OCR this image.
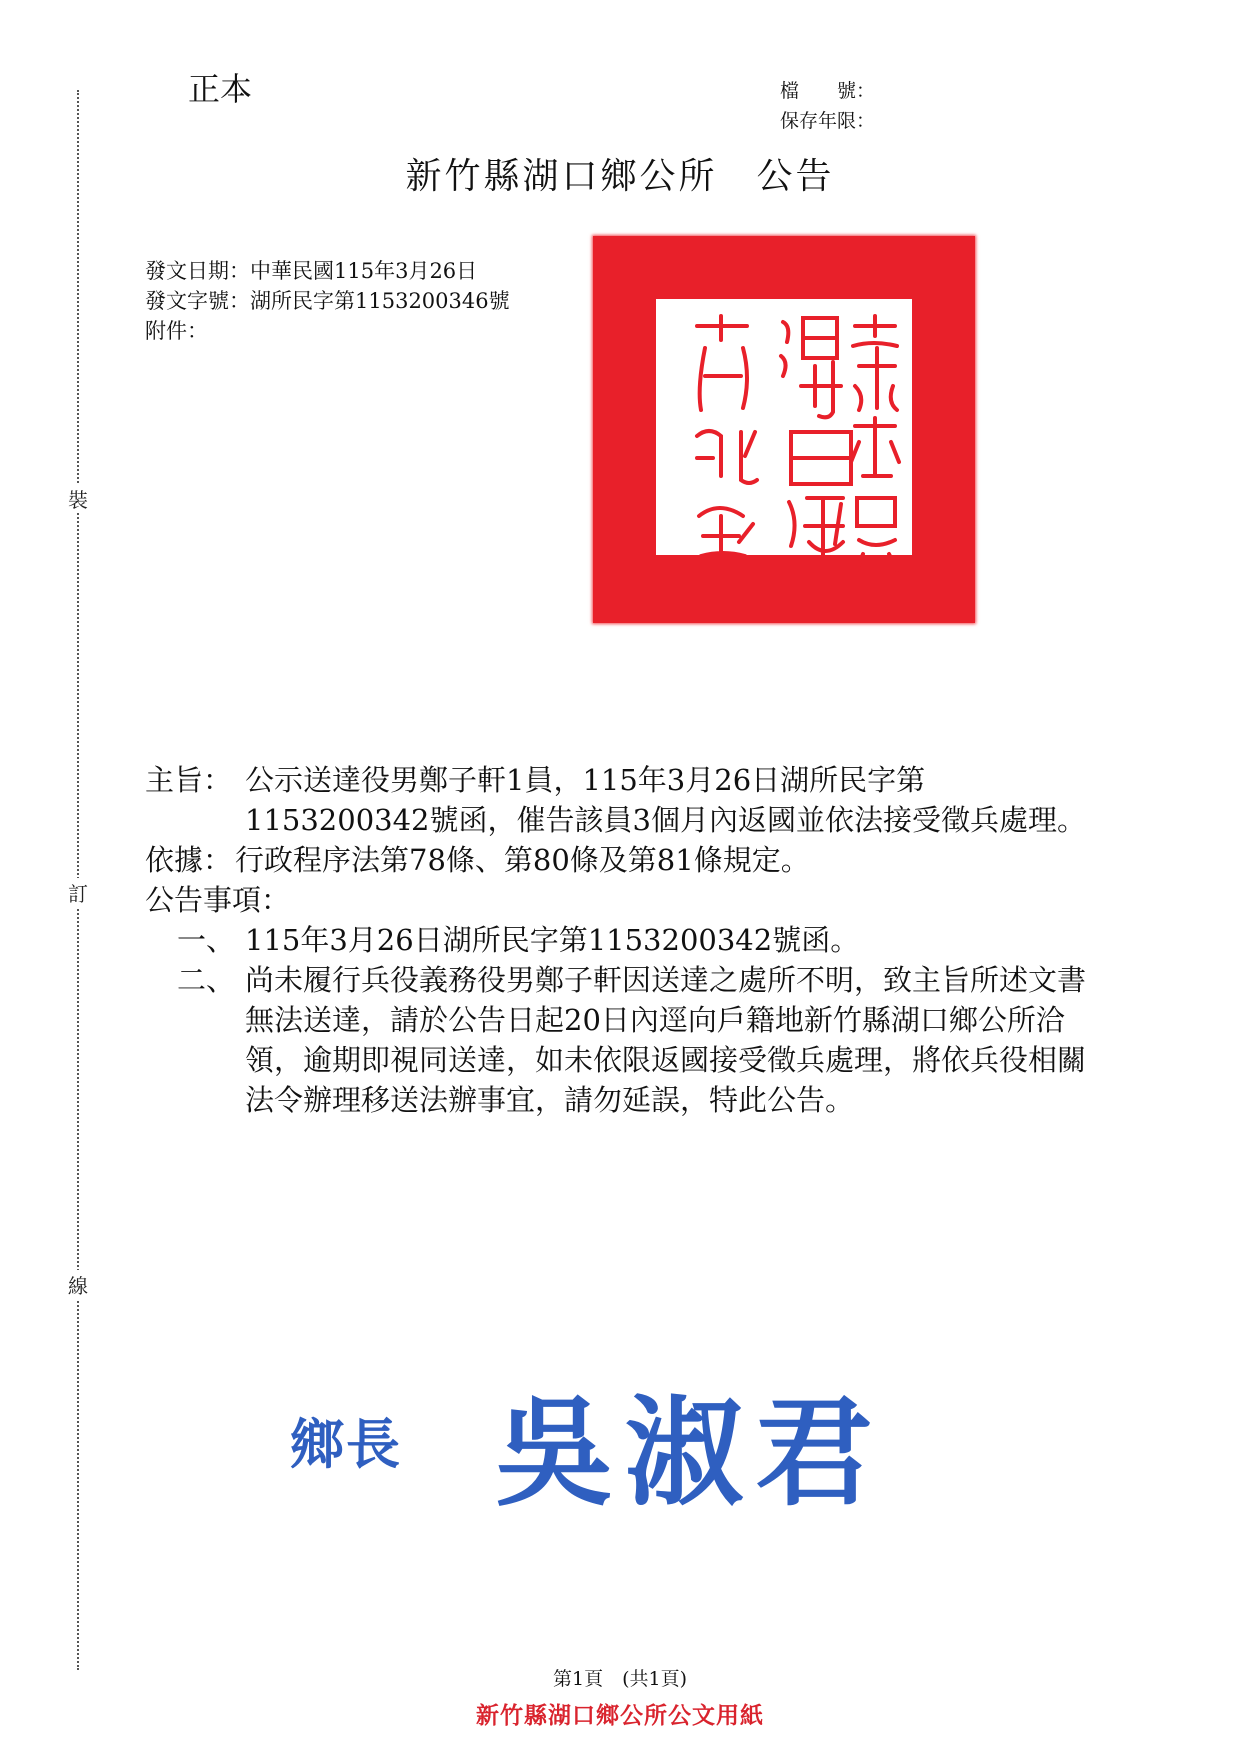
裝
訂
線
正本	檔　　號：
保存年限：
新竹縣湖口鄉公所　公告
發文日期：中華民國115年3月26日
發文字號：湖所民字第1153200346號
附件：
主旨： 公示送達役男鄭子軒1員，115年3月26日湖所民字第1153200342號函，催告該員3個月內返國並依法接受徵兵處理。
依據： 行政程序法第78條、第80條及第81條規定。
公告事項：
一、 115年3月26日湖所民字第1153200342號函。
二、 尚未履行兵役義務役男鄭子軒因送達之處所不明，致主旨所述文書無法送達，請於公告日起20日內逕向戶籍地新竹縣湖口鄉公所洽領，逾期即視同送達，如未依限返國接受徵兵處理，將依兵役相關法令辦理移送法辦事宜，請勿延誤，特此公告。
鄉長 吳淑君
第1頁　(共1頁)
新竹縣湖口鄉公所公文用紙
